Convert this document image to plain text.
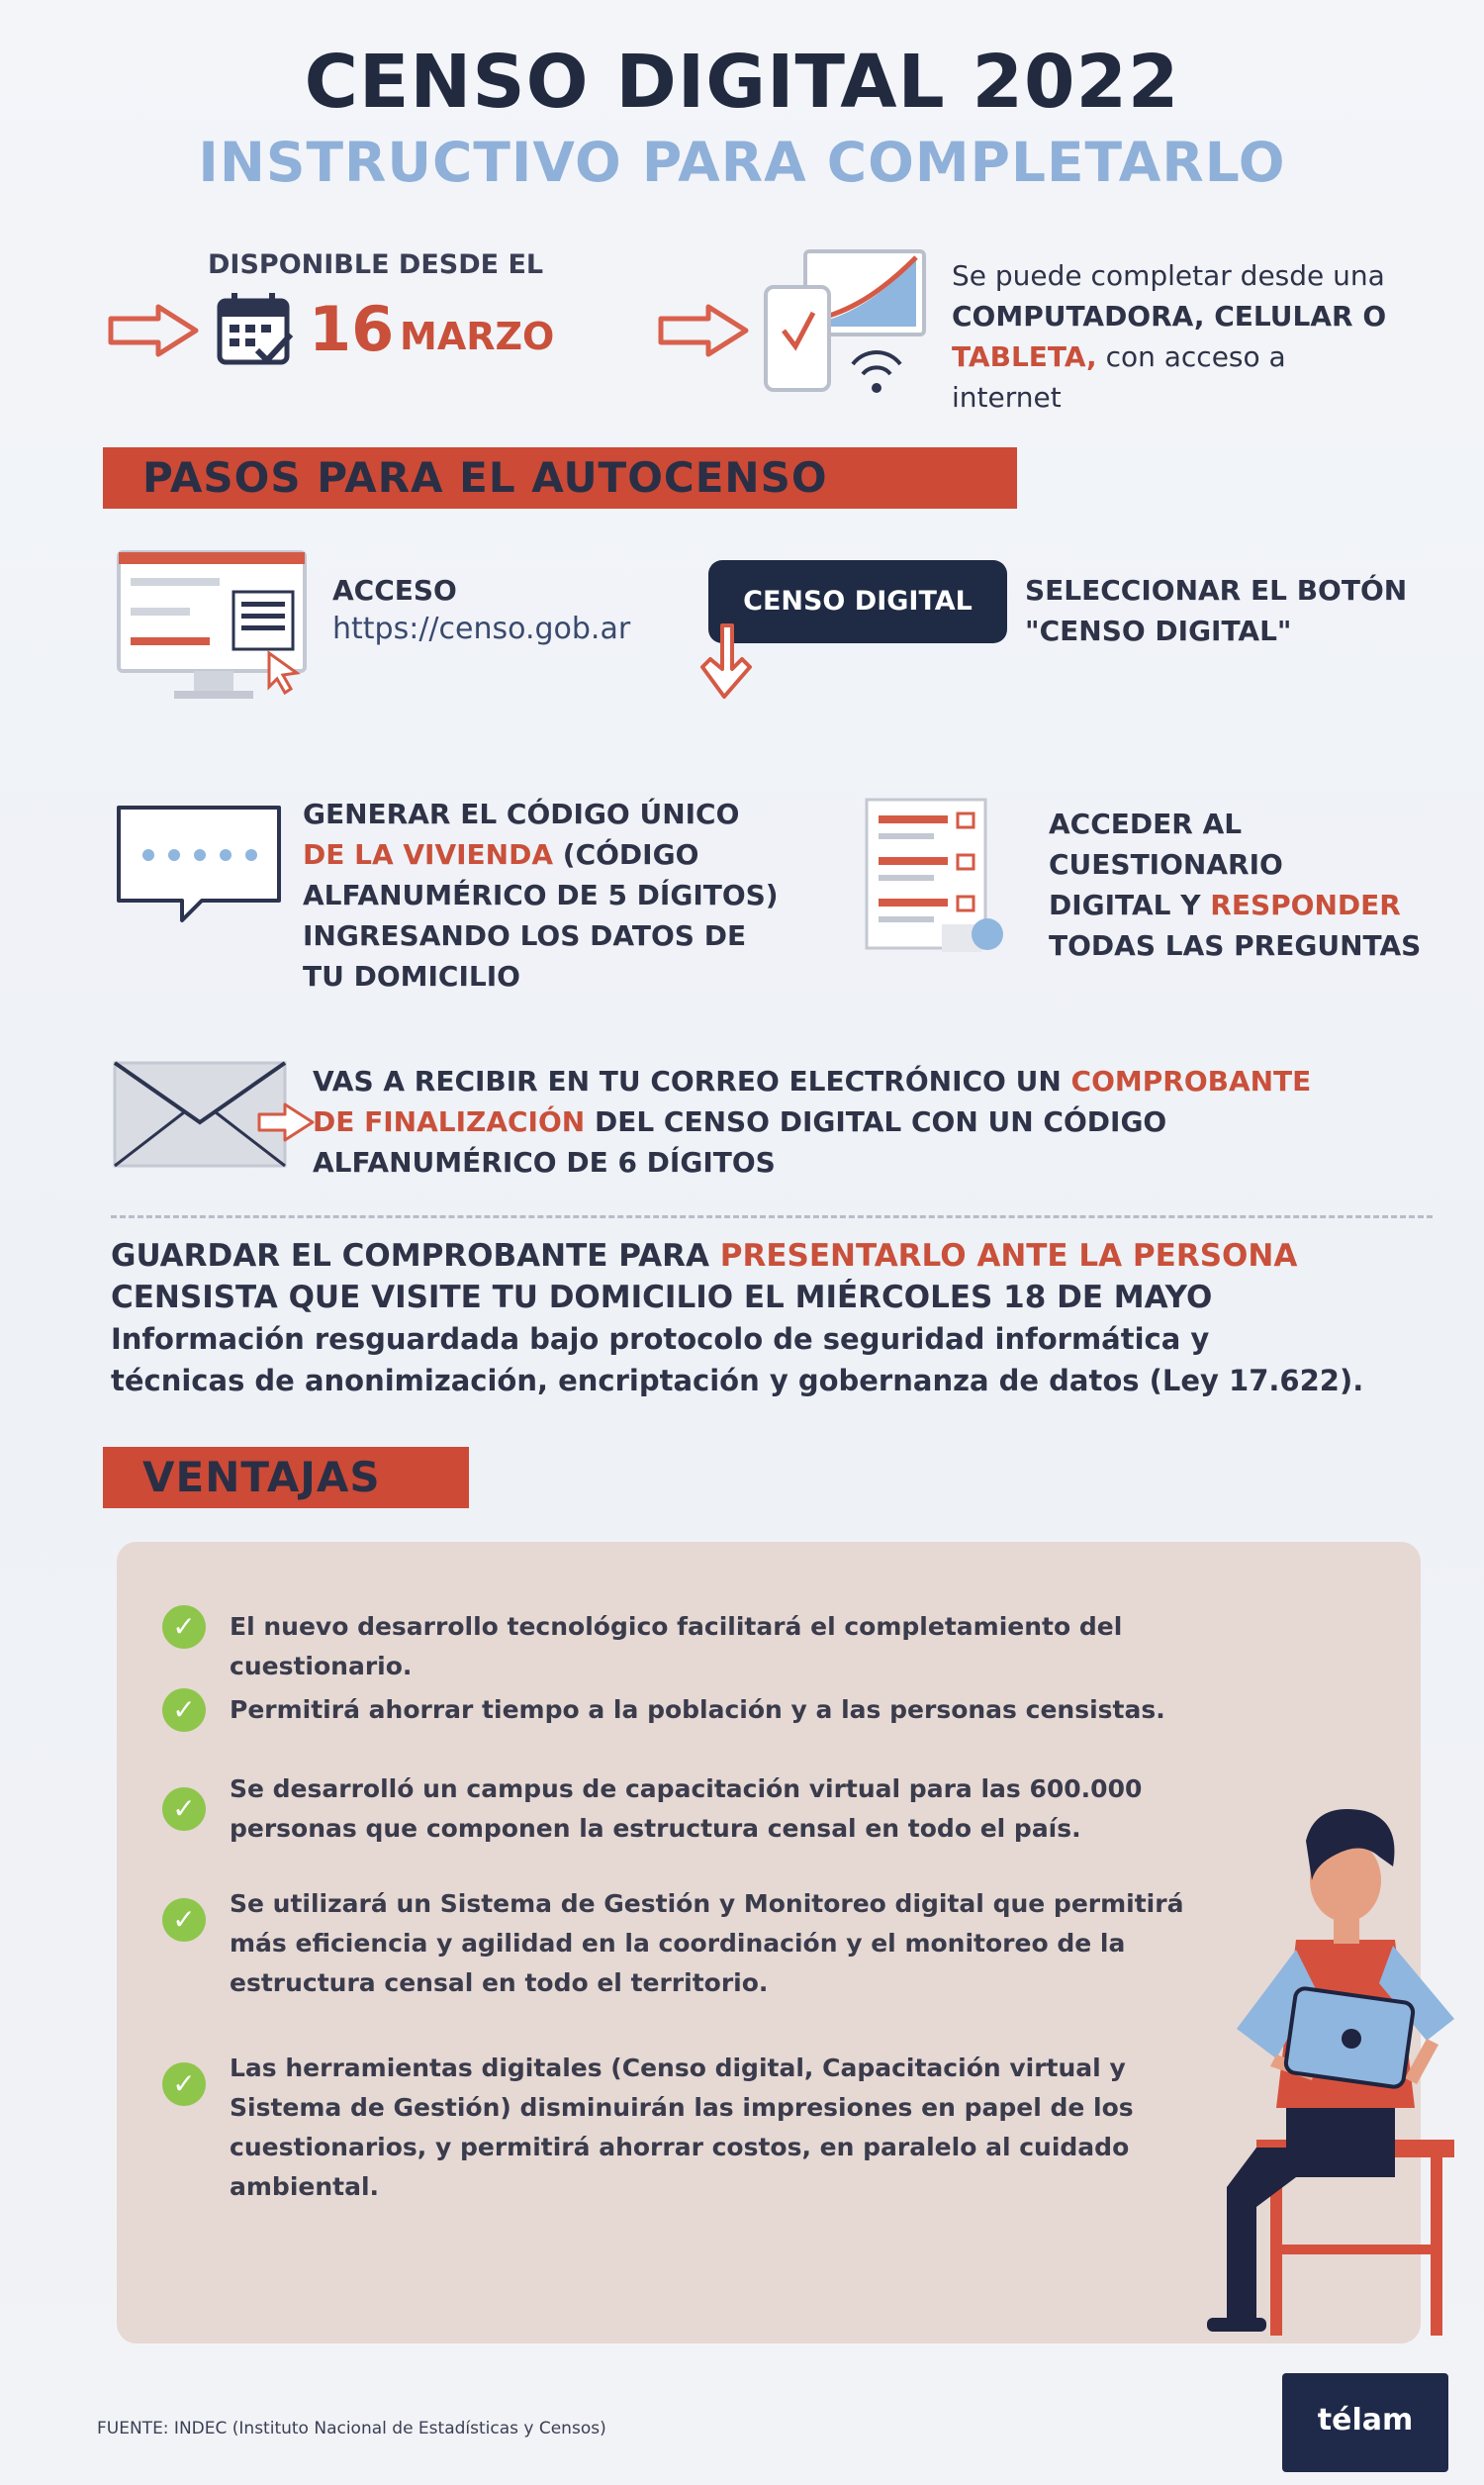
CENSO DIGITAL 2022
INSTRUCTIVO PARA COMPLETARLO
DISPONIBLE DESDE EL
16 MARZO
Se puede completar desde una
COMPUTADORA, CELULAR O
TABLETA, con acceso a
internet
PASOS PARA EL AUTOCENSO
ACCESO
https://censo.gob.ar
CENSO DIGITAL	SELECCIONAR EL BOTÓN
"CENSO DIGITAL"
GENERAR EL CÓDIGO ÚNICO
DE LA VIVIENDA (CÓDIGO
ALFANUMÉRICO DE 5 DÍGITOS)
INGRESANDO LOS DATOS DE
TU DOMICILIO
ACCEDER AL
CUESTIONARIO
DIGITAL Y RESPONDER
TODAS LAS PREGUNTAS
VAS A RECIBIR EN TU CORREO ELECTRÓNICO UN COMPROBANTE
DE FINALIZACIÓN DEL CENSO DIGITAL CON UN CÓDIGO
ALFANUMÉRICO DE 6 DÍGITOS
GUARDAR EL COMPROBANTE PARA PRESENTARLO ANTE LA PERSONA
CENSISTA QUE VISITE TU DOMICILIO EL MIÉRCOLES 18 DE MAYO
Información resguardada bajo protocolo de seguridad informática y
técnicas de anonimización, encriptación y gobernanza de datos (Ley 17.622).
VENTAJAS
✓	El nuevo desarrollo tecnológico facilitará el completamiento del cuestionario.
✓	Permitirá ahorrar tiempo a la población y a las personas censistas.
✓
Se desarrolló un campus de capacitación virtual para las 600.000
personas que componen la estructura censal en todo el país.
✓	Se utilizará un Sistema de Gestión y Monitoreo digital que permitirá
más eficiencia y agilidad en la coordinación y el monitoreo de la
estructura censal en todo el territorio.
✓	Las herramientas digitales (Censo digital, Capacitación virtual y
Sistema de Gestión) disminuirán las impresiones en papel de los
cuestionarios, y permitirá ahorrar costos, en paralelo al cuidado
ambiental.
FUENTE: INDEC (Instituto Nacional de Estadísticas y Censos)	télam
